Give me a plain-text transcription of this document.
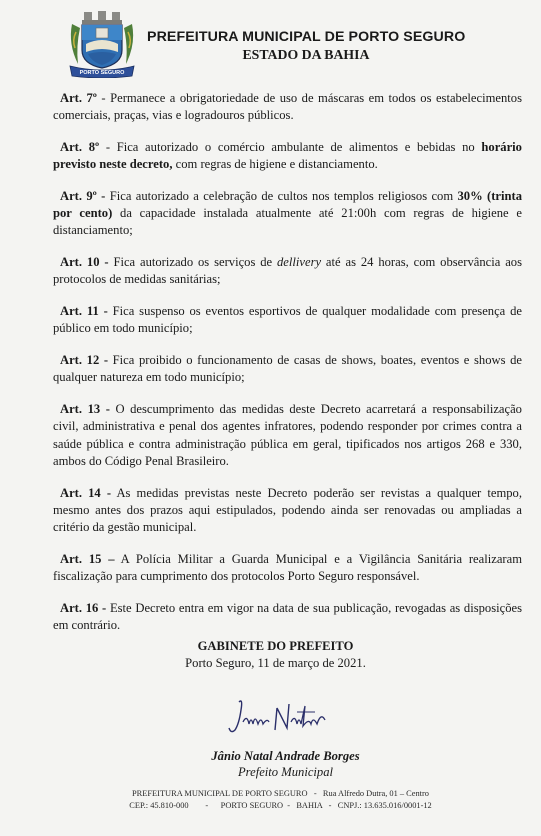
PORTO SEGURO
PREFEITURA MUNICIPAL DE PORTO SEGURO
ESTADO DA BAHIA

Art. 7º - Permanece a obrigatoriedade de uso de máscaras em todos os estabelecimentos comerciais, praças, vias e logradouros públicos.

Art. 8º - Fica autorizado o comércio ambulante de alimentos e bebidas no horário previsto neste decreto, com regras de higiene e distanciamento.

Art. 9º - Fica autorizado a celebração de cultos nos templos religiosos com 30% (trinta por cento) da capacidade instalada atualmente até 21:00h com regras de higiene e distanciamento;

Art. 10 - Fica autorizado os serviços de dellivery até as 24 horas, com observância aos protocolos de medidas sanitárias;

Art. 11 - Fica suspenso os eventos esportivos de qualquer modalidade com presença de público em todo município;

Art. 12 - Fica proibido o funcionamento de casas de shows, boates, eventos e shows de qualquer natureza em todo município;

Art. 13 - O descumprimento das medidas deste Decreto acarretará a responsabilização civil, administrativa e penal dos agentes infratores, podendo responder por crimes contra a saúde pública e contra administração pública em geral, tipificados nos artigos 268 e 330, ambos do Código Penal Brasileiro.

Art. 14 - As medidas previstas neste Decreto poderão ser revistas a qualquer tempo, mesmo antes dos prazos aqui estipulados, podendo ainda ser renovadas ou ampliadas a critério da gestão municipal.

Art. 15 – A Polícia Militar a Guarda Municipal e a Vigilância Sanitária realizaram fiscalização para cumprimento dos protocolos Porto Seguro responsável.

Art. 16 - Este Decreto entra em vigor na data de sua publicação, revogadas as disposições em contrário.

GABINETE DO PREFEITO
Porto Seguro, 11 de março de 2021.
Jânio Natal Andrade Borges
Prefeito Municipal
PREFEITURA MUNICIPAL DE PORTO SEGURO   -   Rua Alfredo Dutra, 01 – Centro
CEP.: 45.810-000        -      PORTO SEGURO  -   BAHIA   -   CNPJ.: 13.635.016/0001-12
